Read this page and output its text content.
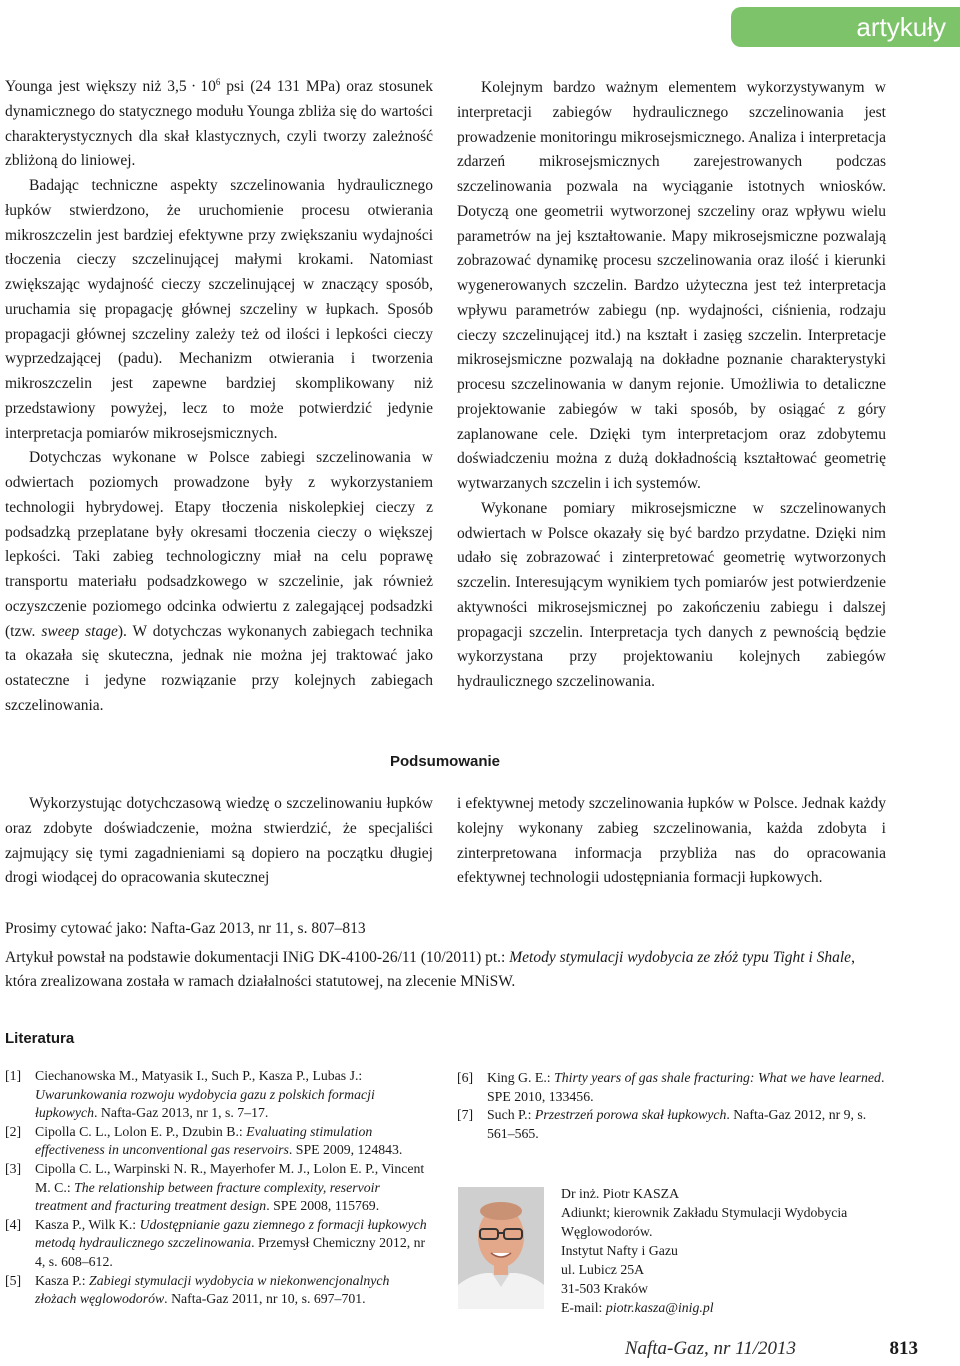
artykuły

Younga jest większy niż $3,5 \cdot 10^6$ psi (24 131 MPa) oraz stosunek dynamicznego do statycznego modułu Younga zbliża się do wartości charakterystycznych dla skał klastycznych, czyli tworzy zależność zbliżoną do liniowej.

Badając techniczne aspekty szczelinowania hydraulicznego łupków stwierdzono, że uruchomienie procesu otwierania mikroszczelin jest bardziej efektywne przy zwiększaniu wydajności tłoczenia cieczy szczelinującej małymi krokami. Natomiast zwiększając wydajność cieczy szczelinującej w znaczący sposób, uruchamia się propagację głównej szczeliny w łupkach. Sposób propagacji głównej szczeliny zależy też od ilości i lepkości cieczy wyprzedzającej (padu). Mechanizm otwierania i tworzenia mikroszczelin jest zapewne bardziej skomplikowany niż przedstawiony powyżej, lecz to może potwierdzić jedynie interpretacja pomiarów mikrosejsmicznych.

Dotychczas wykonane w Polsce zabiegi szczelinowania w odwiertach poziomych prowadzone były z wykorzystaniem technologii hybrydowej. Etapy tłoczenia niskolepkiej cieczy z podsadzką przeplatane były okresami tłoczenia cieczy o większej lepkości. Taki zabieg technologiczny miał na celu poprawę transportu materiału podsadzkowego w szczelinie, jak również oczyszczenie poziomego odcinka odwiertu z zalegającej podsadzki (tzw. sweep stage). W dotychczas wykonanych zabiegach technika ta okazała się skuteczna, jednak nie można jej traktować jako ostateczne i jedyne rozwiązanie przy kolejnych zabiegach szczelinowania.

Kolejnym bardzo ważnym elementem wykorzystywanym w interpretacji zabiegów hydraulicznego szczelinowania jest prowadzenie monitoringu mikrosejsmicznego. Analiza i interpretacja zdarzeń mikrosejsmicznych zarejestrowanych podczas szczelinowania pozwala na wyciąganie istotnych wniosków. Dotyczą one geometrii wytworzonej szczeliny oraz wpływu wielu parametrów na jej kształtowanie. Mapy mikrosejsmiczne pozwalają zobrazować dynamikę procesu szczelinowania oraz ilość i kierunki wygenerowanych szczelin. Bardzo użyteczna jest też interpretacja wpływu parametrów zabiegu (np. wydajności, ciśnienia, rodzaju cieczy szczelinującej itd.) na kształt i zasięg szczelin. Interpretacje mikrosejsmiczne pozwalają na dokładne poznanie charakterystyki procesu szczelinowania w danym rejonie. Umożliwia to detaliczne projektowanie zabiegów w taki sposób, by osiągać z góry zaplanowane cele. Dzięki tym interpretacjom oraz zdobytemu doświadczeniu można z dużą dokładnością kształtować geometrię wytwarzanych szczelin i ich systemów.

Wykonane pomiary mikrosejsmiczne w szczelinowanych odwiertach w Polsce okazały się być bardzo przydatne. Dzięki nim udało się zobrazować i zinterpretować geometrię wytworzonych szczelin. Interesującym wynikiem tych pomiarów jest potwierdzenie aktywności mikrosejsmicznej po zakończeniu zabiegu i dalszej propagacji szczelin. Interpretacja tych danych z pewnością będzie wykorzystana przy projektowaniu kolejnych zabiegów hydraulicznego szczelinowania.

Podsumowanie

Wykorzystując dotychczasową wiedzę o szczelinowaniu łupków oraz zdobyte doświadczenie, można stwierdzić, że specjaliści zajmujący się tymi zagadnieniami są dopiero na początku długiej drogi wiodącej do opracowania skutecznej

i efektywnej metody szczelinowania łupków w Polsce. Jednak każdy kolejny wykonany zabieg szczelinowania, każda zdobyta i zinterpretowana informacja przybliża nas do opracowania efektywnej technologii udostępniania formacji łupkowych.

Prosimy cytować jako: Nafta-Gaz 2013, nr 11, s. 807–813
Artykuł powstał na podstawie dokumentacji INiG DK-4100-26/11 (10/2011) pt.: Metody stymulacji wydobycia ze złóż typu Tight i Shale, która zrealizowana została w ramach działalności statutowej, na zlecenie MNiSW.
Literatura
[1]	Ciechanowska M., Matyasik I., Such P., Kasza P., Lubas J.: Uwarunkowania rozwoju wydobycia gazu z polskich formacji łupkowych. Nafta-Gaz 2013, nr 1, s. 7–17.
[2]	Cipolla C. L., Lolon E. P., Dzubin B.: Evaluating stimulation effectiveness in unconventional gas reservoirs. SPE 2009, 124843.
[3]	Cipolla C. L., Warpinski N. R., Mayerhofer M. J., Lolon E. P., Vincent M. C.: The relationship between fracture complexity, reservoir treatment and fracturing treatment design. SPE 2008, 115769.
[4]	Kasza P., Wilk K.: Udostępnianie gazu ziemnego z formacji łupkowych metodą hydraulicznego szczelinowania. Przemysł Chemiczny 2012, nr 4, s. 608–612.
[5]	Kasza P.: Zabiegi stymulacji wydobycia w niekonwencjonalnych złożach węglowodorów. Nafta-Gaz 2011, nr 10, s. 697–701.
[6]	King G. E.: Thirty years of gas shale fracturing: What we have learned. SPE 2010, 133456.
[7]	Such P.: Przestrzeń porowa skał łupkowych. Nafta-Gaz 2012, nr 9, s. 561–565.
Dr inż. Piotr KASZA
Adiunkt; kierownik Zakładu Stymulacji Wydobycia Węglowodorów.
Instytut Nafty i Gazu
ul. Lubicz 25A
31-503 Kraków
E-mail: piotr.kasza@inig.pl
Nafta-Gaz, nr 11/2013	813
